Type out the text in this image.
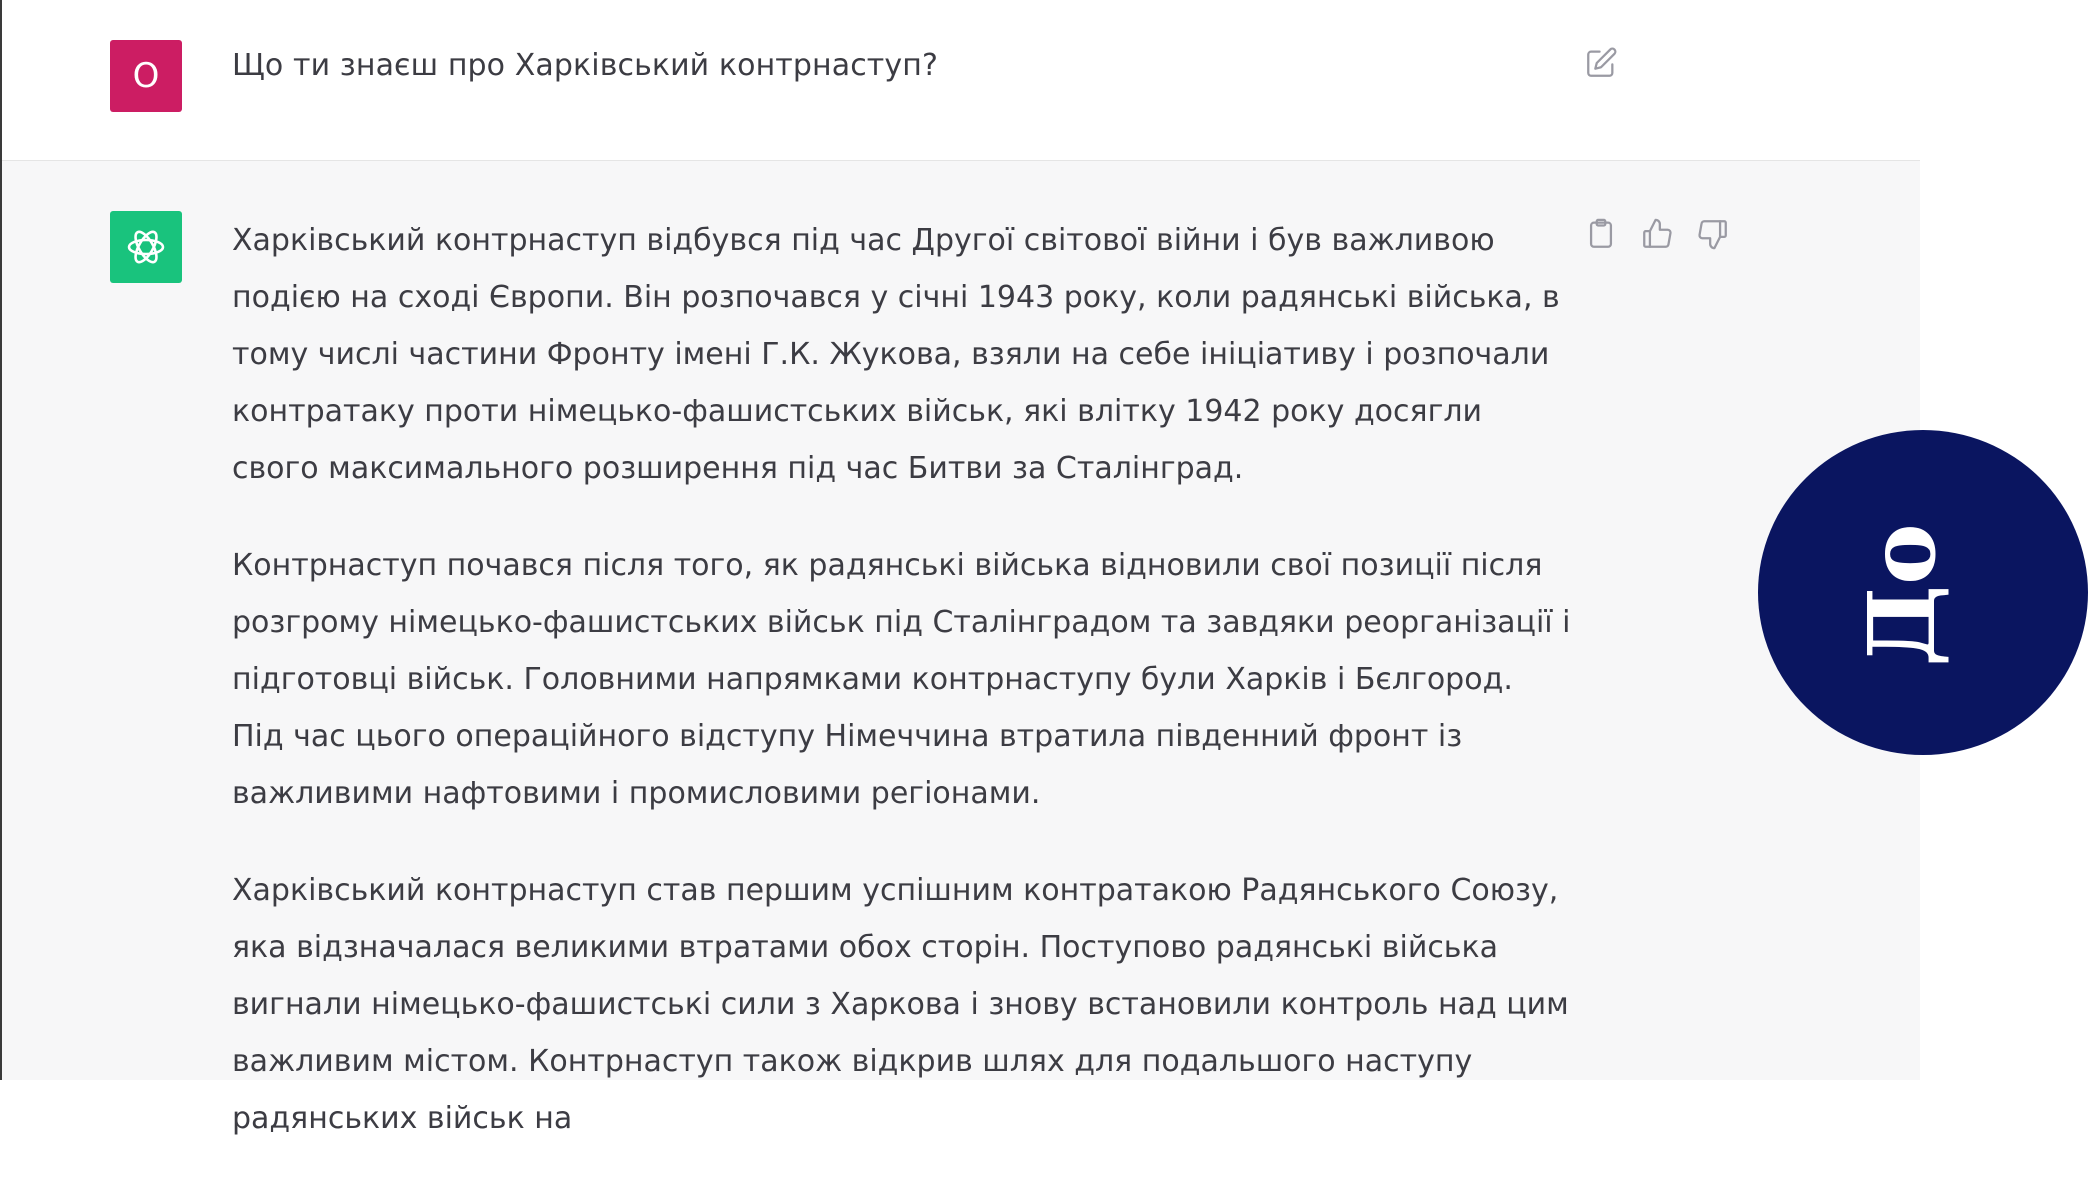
O Що ти знаєш про Харківський контрнаступ?

Харківський контрнаступ відбувся під час Другої світової війни і був важливою подією на сході Європи. Він розпочався у січні 1943 року, коли радянські війська, в тому числі частини Фронту імені Г.К. Жукова, взяли на себе ініціативу і розпочали контратаку проти німецько-фашистських військ, які влітку 1942 року досягли свого максимального розширення під час Битви за Сталінград.

Контрнаступ почався після того, як радянські війська відновили свої позиції після розгрому німецько-фашистських військ під Сталінградом та завдяки реорганізації і підготовці військ. Головними напрямками контрнаступу були Харків і Бєлгород. Під час цього операційного відступу Німеччина втратила південний фронт із важливими нафтовими і промисловими регіонами.

Харківський контрнаступ став першим успішним контратакою Радянського Союзу, яка відзначалася великими втратами обох сторін. Поступово радянські війська вигнали німецько-фашистські сили з Харкова і знову встановили контроль над цим важливим містом. Контрнаступ також відкрив шлях для подальшого наступу радянських військ на

До
